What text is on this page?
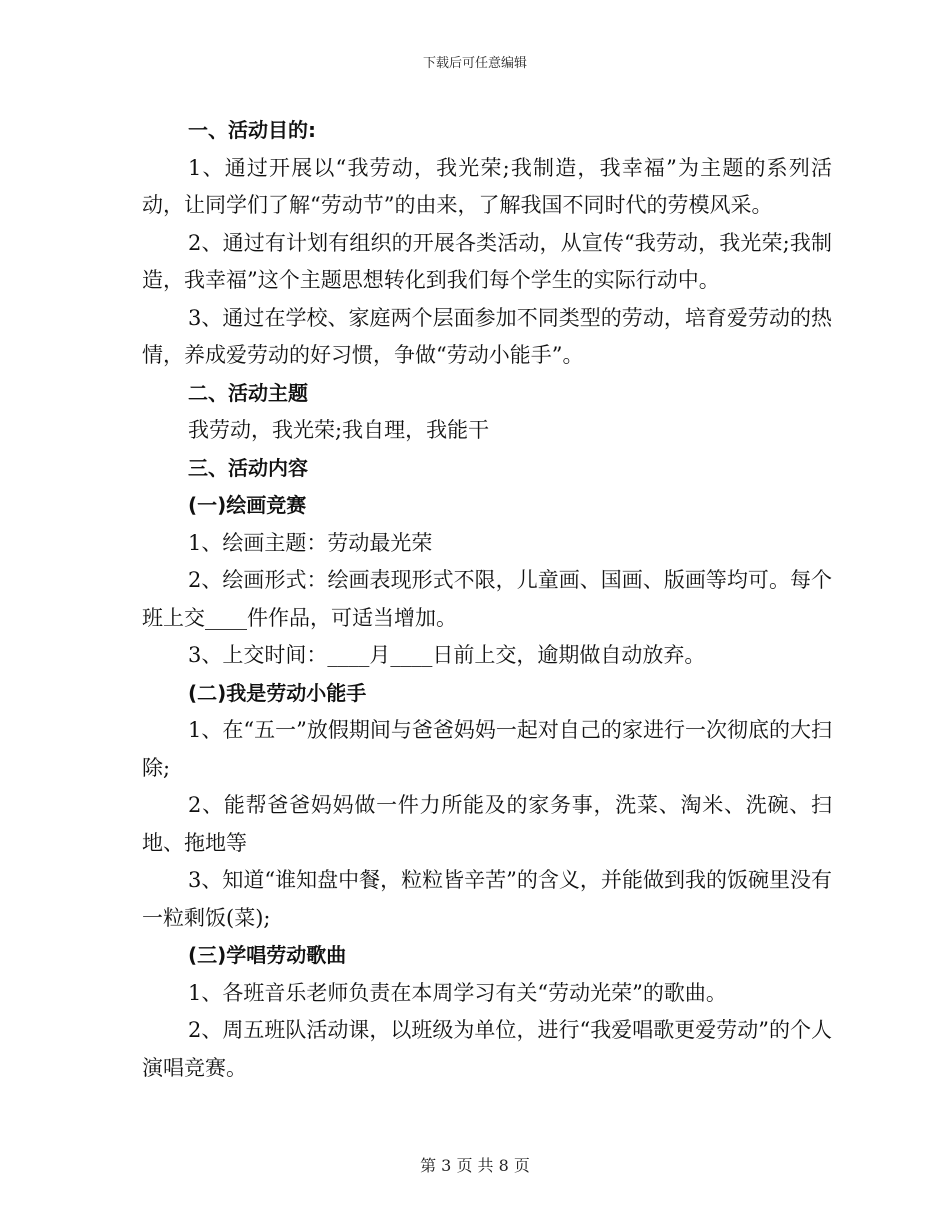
下载后可任意编辑

一、活动目的:

1、通过开展以“我劳动，我光荣;我制造，我幸福”为主题的系列活动，让同学们了解“劳动节”的由来，了解我国不同时代的劳模风采。

2、通过有计划有组织的开展各类活动，从宣传“我劳动，我光荣;我制造，我幸福”这个主题思想转化到我们每个学生的实际行动中。

3、通过在学校、家庭两个层面参加不同类型的劳动，培育爱劳动的热情，养成爱劳动的好习惯，争做“劳动小能手”。

二、活动主题

我劳动，我光荣;我自理，我能干

三、活动内容

(一)绘画竞赛

1、绘画主题：劳动最光荣

2、绘画形式：绘画表现形式不限，儿童画、国画、版画等均可。每个班上交____件作品，可适当增加。

3、上交时间：____月____日前上交，逾期做自动放弃。

(二)我是劳动小能手

1、在“五一”放假期间与爸爸妈妈一起对自己的家进行一次彻底的大扫除;

2、能帮爸爸妈妈做一件力所能及的家务事，洗菜、淘米、洗碗、扫地、拖地等

3、知道“谁知盘中餐，粒粒皆辛苦”的含义，并能做到我的饭碗里没有一粒剩饭(菜);

(三)学唱劳动歌曲

1、各班音乐老师负责在本周学习有关“劳动光荣”的歌曲。

2、周五班队活动课，以班级为单位，进行“我爱唱歌更爱劳动”的个人演唱竞赛。

第 3 页 共 8 页
